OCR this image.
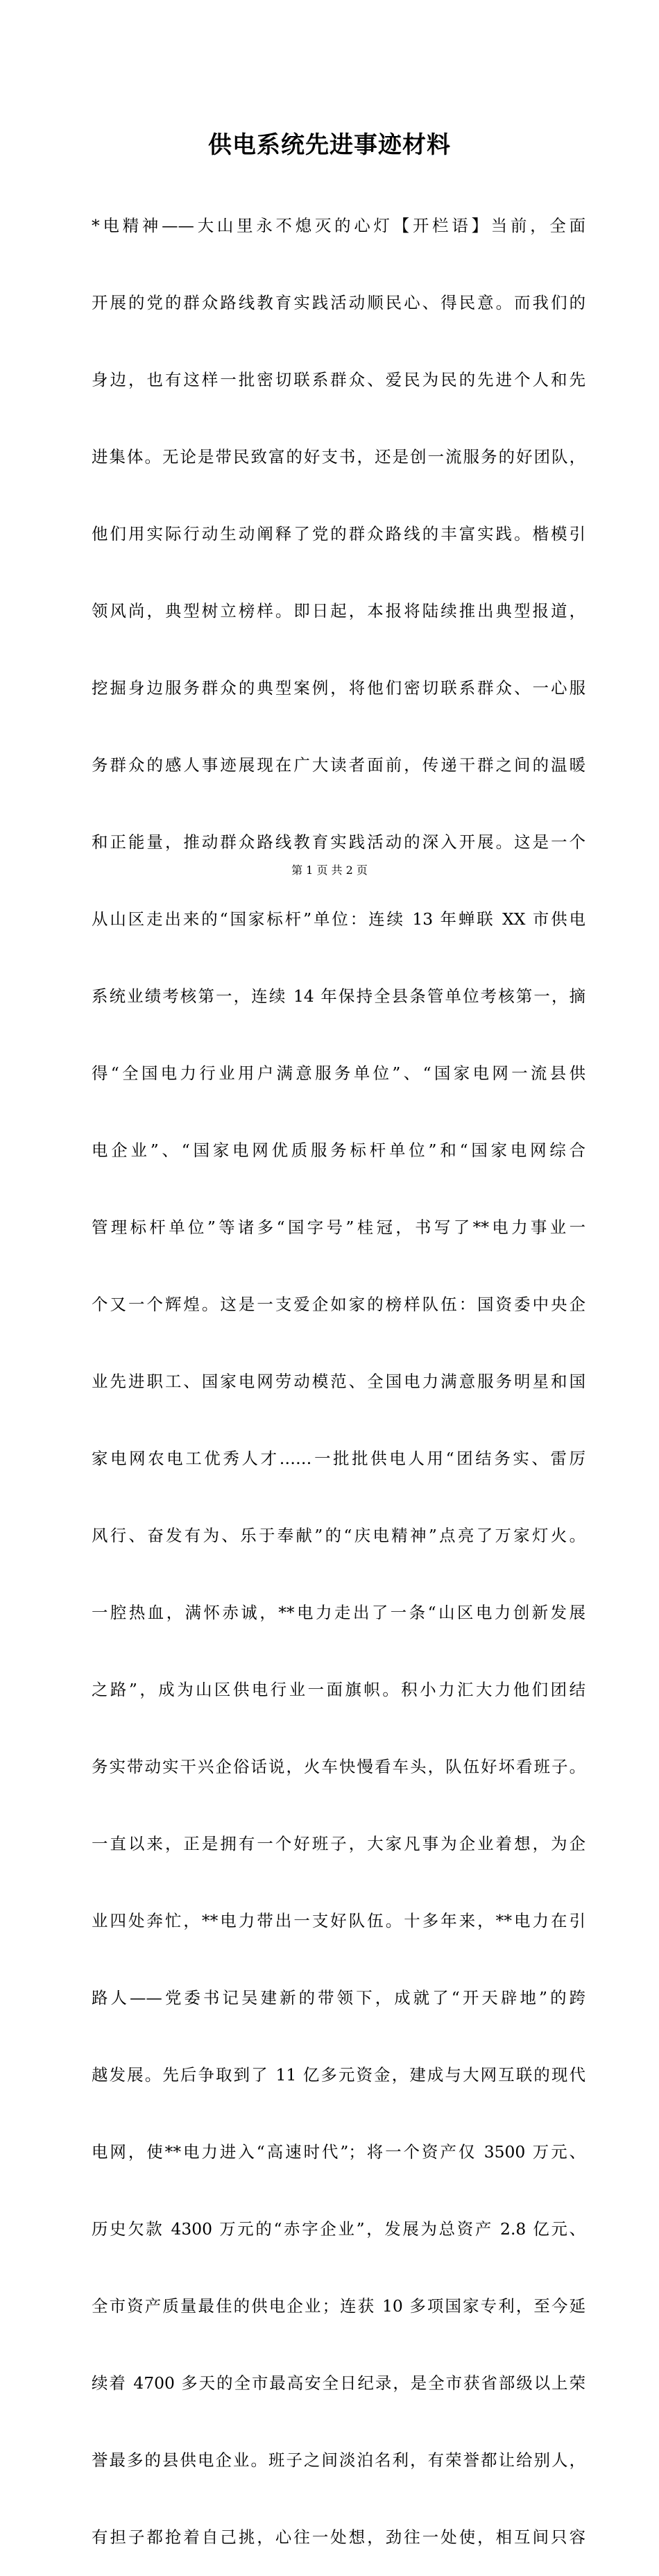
供电系统先进事迹材料

*电精神——大山里永不熄灭的心灯【开栏语】当前，全面

开展的党的群众路线教育实践活动顺民心、得民意。而我们的

身边，也有这样一批密切联系群众、爱民为民的先进个人和先

进集体。无论是带民致富的好支书，还是创一流服务的好团队，

他们用实际行动生动阐释了党的群众路线的丰富实践。楷模引

领风尚，典型树立榜样。即日起，本报将陆续推出典型报道，

挖掘身边服务群众的典型案例，将他们密切联系群众、一心服

务群众的感人事迹展现在广大读者面前，传递干群之间的温暖

和正能量，推动群众路线教育实践活动的深入开展。这是一个

从山区走出来的“国家标杆”单位：连续 13 年蝉联 XX 市供电

系统业绩考核第一，连续 14 年保持全县条管单位考核第一，摘

得“全国电力行业用户满意服务单位”、“国家电网一流县供

电企业”、“国家电网优质服务标杆单位”和“国家电网综合

管理标杆单位”等诸多“国字号”桂冠，书写了**电力事业一

个又一个辉煌。这是一支爱企如家的榜样队伍：国资委中央企

业先进职工、国家电网劳动模范、全国电力满意服务明星和国

家电网农电工优秀人才……一批批供电人用“团结务实、雷厉

风行、奋发有为、乐于奉献”的“庆电精神”点亮了万家灯火。

一腔热血，满怀赤诚，**电力走出了一条“山区电力创新发展

之路”，成为山区供电行业一面旗帜。积小力汇大力他们团结

务实带动实干兴企俗话说，火车快慢看车头，队伍好坏看班子。

一直以来，正是拥有一个好班子，大家凡事为企业着想，为企

业四处奔忙，**电力带出一支好队伍。十多年来，**电力在引

路人——党委书记吴建新的带领下，成就了“开天辟地”的跨

越发展。先后争取到了 11 亿多元资金，建成与大网互联的现代

电网，使**电力进入“高速时代”；将一个资产仅 3500 万元、

历史欠款 4300 万元的“赤字企业”，发展为总资产 2.8 亿元、

全市资产质量最佳的供电企业；连获 10 多项国家专利，至今延

续着 4700 多天的全市最高安全日纪录，是全市获省部级以上荣

誉最多的县供电企业。班子之间淡泊名利，有荣誉都让给别人，

有担子都抢着自己挑，心往一处想，劲往一处使，相互间只容

第 1 页 共 2 页
